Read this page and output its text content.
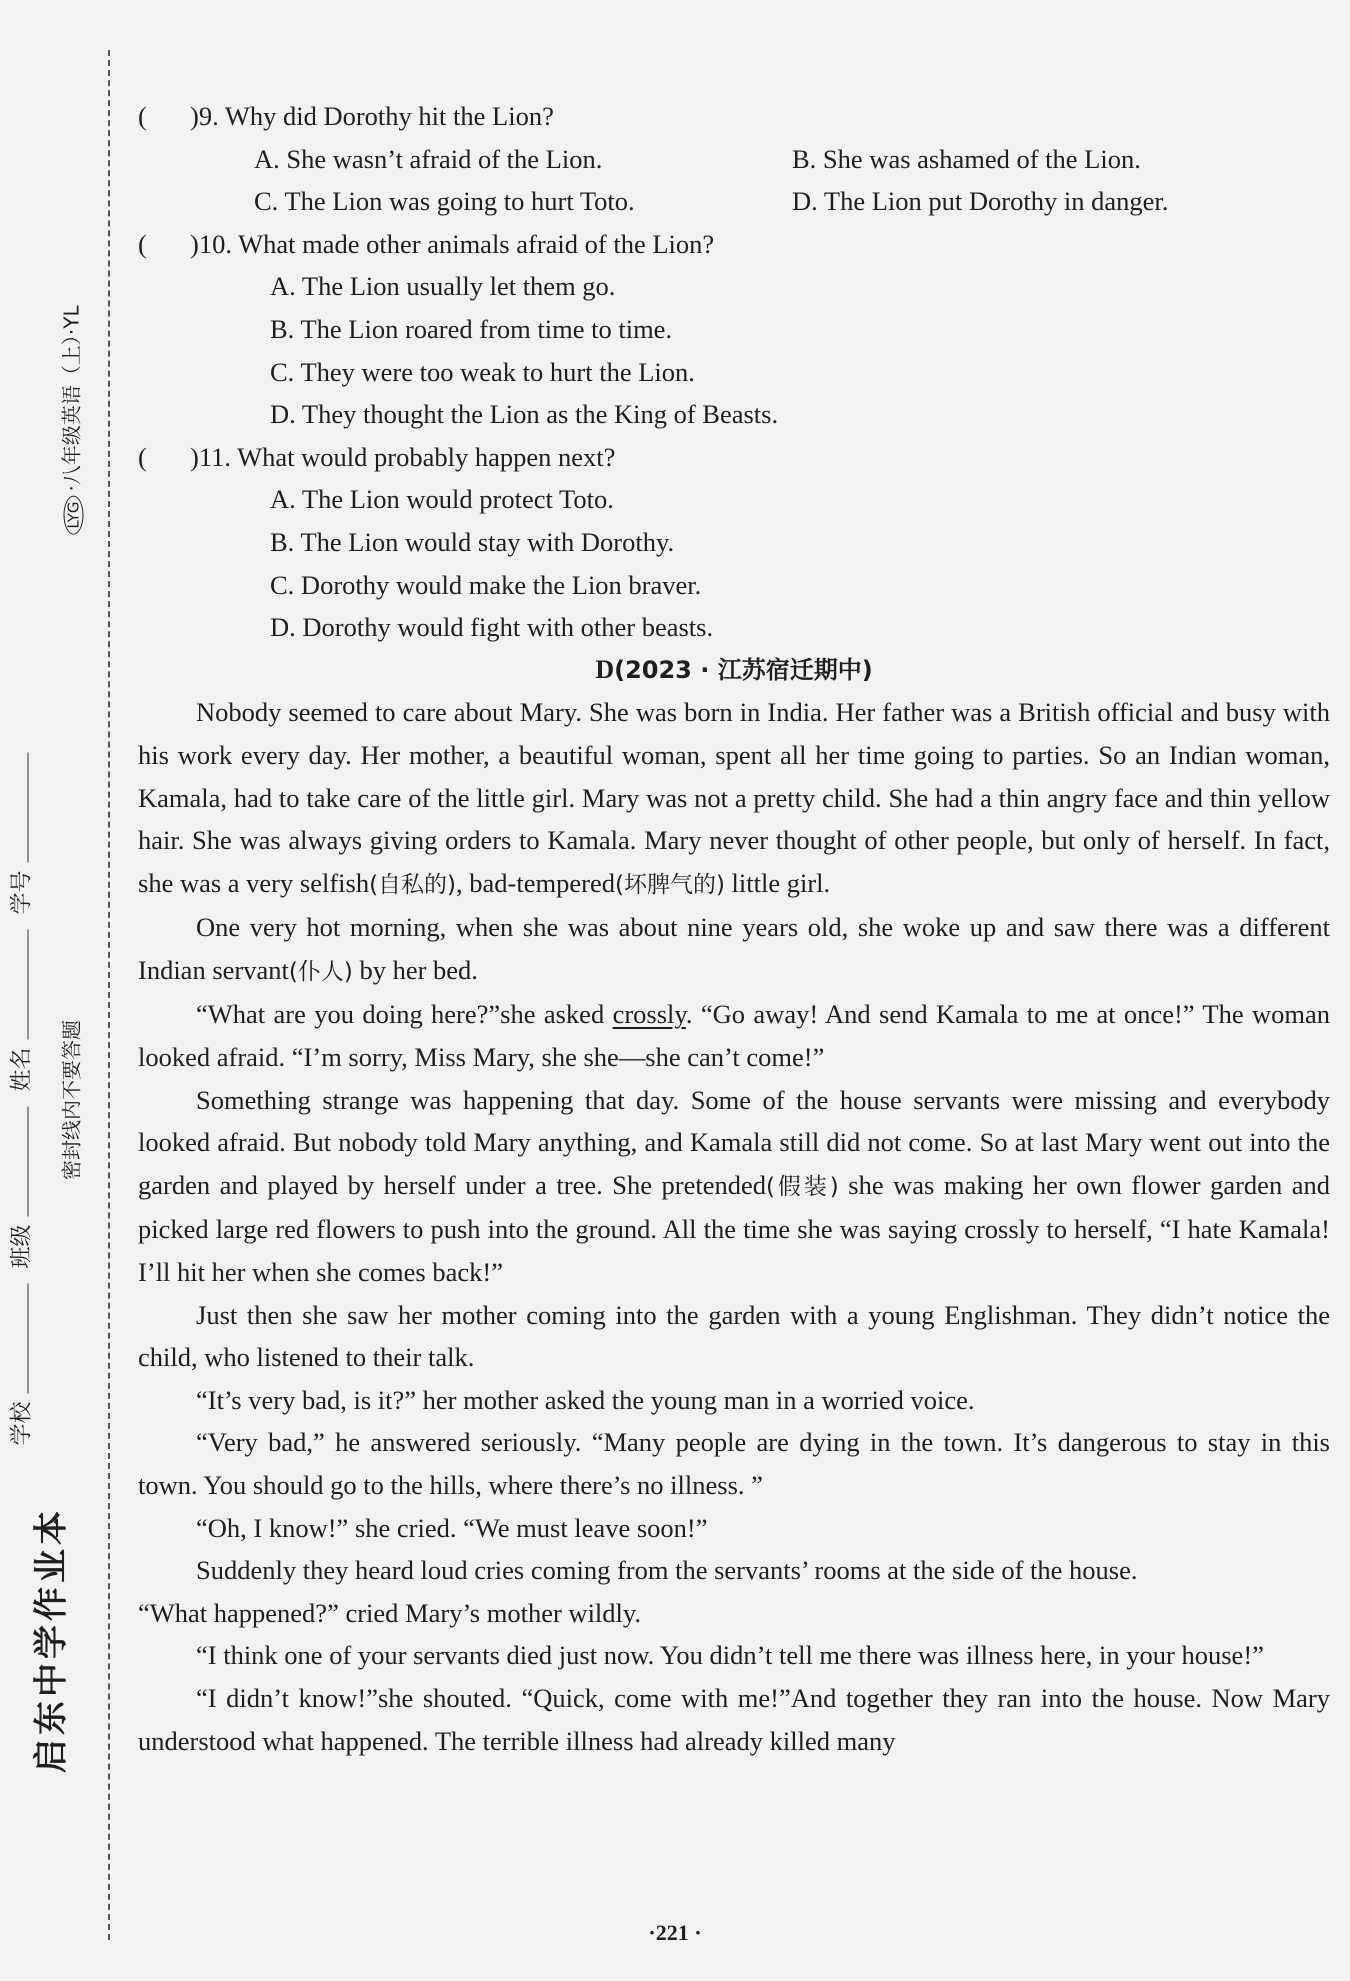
学校 班级 姓名 学号
密封线内不要答题
LYG·八年级英语（上）·YL
启东中学作业本
( )9. Why did Dorothy hit the Lion?
A. She wasn’t afraid of the Lion.	B. She was ashamed of the Lion.
C. The Lion was going to hurt Toto.	D. The Lion put Dorothy in danger.
( )10. What made other animals afraid of the Lion?
A. The Lion usually let them go.
B. The Lion roared from time to time.
C. They were too weak to hurt the Lion.
D. They thought the Lion as the King of Beasts.
( )11. What would probably happen next?
A. The Lion would protect Toto.
B. The Lion would stay with Dorothy.
C. Dorothy would make the Lion braver.
D. Dorothy would fight with other beasts.
D(2023 · 江苏宿迁期中)
Nobody seemed to care about Mary. She was born in India. Her father was a British official and busy with his work every day. Her mother, a beautiful woman, spent all her time going to parties. So an Indian woman, Kamala, had to take care of the little girl. Mary was not a pretty child. She had a thin angry face and thin yellow hair. She was always giving orders to Kamala. Mary never thought of other people, but only of herself. In fact, she was a very selfish(自私的), bad-tempered(坏脾气的) little girl.
One very hot morning, when she was about nine years old, she woke up and saw there was a different Indian servant(仆人) by her bed.
“What are you doing here?”she asked crossly. “Go away! And send Kamala to me at once!” The woman looked afraid. “I’m sorry, Miss Mary, she she—she can’t come!”
Something strange was happening that day. Some of the house servants were missing and everybody looked afraid. But nobody told Mary anything, and Kamala still did not come. So at last Mary went out into the garden and played by herself under a tree. She pretended(假装) she was making her own flower garden and picked large red flowers to push into the ground. All the time she was saying crossly to herself, “I hate Kamala! I’ll hit her when she comes back!”
Just then she saw her mother coming into the garden with a young Englishman. They didn’t notice the child, who listened to their talk.
“It’s very bad, is it?” her mother asked the young man in a worried voice.
“Very bad,” he answered seriously. “Many people are dying in the town. It’s dangerous to stay in this town. You should go to the hills, where there’s no illness. ”
“Oh, I know!” she cried. “We must leave soon!”
Suddenly they heard loud cries coming from the servants’ rooms at the side of the house.
“What happened?” cried Mary’s mother wildly.
“I think one of your servants died just now. You didn’t tell me there was illness here, in your house!”
“I didn’t know!”she shouted. “Quick, come with me!”And together they ran into the house. Now Mary understood what happened. The terrible illness had already killed many
·221 ·
